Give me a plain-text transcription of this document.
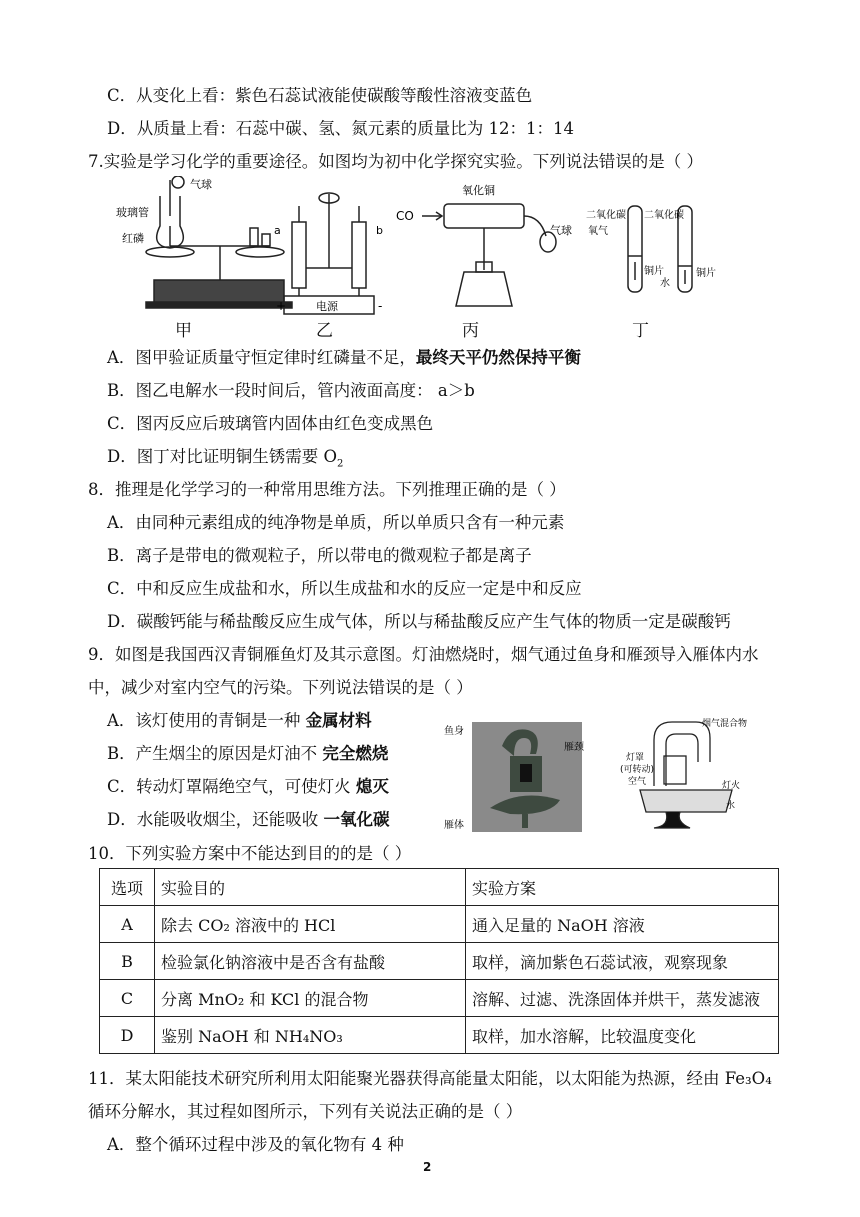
C．从变化上看：紫色石蕊试液能使碳酸等酸性溶液变蓝色
D．从质量上看：石蕊中碳、氢、氮元素的质量比为 12：1：14
7.实验是学习化学的重要途径。如图均为初中化学探究实验。下列说法错误的是（ ）
气球
玻璃管
红磷
电源
a	b
+	-
CO
氧化铜
气球
二氧化碳
氧气
二氧化碳
铜片	铜片
水
甲	乙	丙	丁
A．图甲验证质量守恒定律时红磷量不足，最终天平仍然保持平衡
B．图乙电解水一段时间后，管内液面高度： a＞b
C．图丙反应后玻璃管内固体由红色变成黑色
D．图丁对比证明铜生锈需要 $O_2$
8．推理是化学学习的一种常用思维方法。下列推理正确的是（ ）
A．由同种元素组成的纯净物是单质，所以单质只含有一种元素
B．离子是带电的微观粒子，所以带电的微观粒子都是离子
C．中和反应生成盐和水，所以生成盐和水的反应一定是中和反应
D．碳酸钙能与稀盐酸反应生成气体，所以与稀盐酸反应产生气体的物质一定是碳酸钙
9．如图是我国西汉青铜雁鱼灯及其示意图。灯油燃烧时，烟气通过鱼身和雁颈导入雁体内水
中，减少对室内空气的污染。下列说法错误的是（ ）
A．该灯使用的青铜是一种 金属材料
B．产生烟尘的原因是灯油不 完全燃烧
C．转动灯罩隔绝空气，可使灯火 熄灭
D．水能吸收烟尘，还能吸收 一氧化碳
鱼身
雁颈
雁体
烟气混合物
灯罩
(可转动)
空气	灯火
水
10．下列实验方案中不能达到目的的是（ ）
选项	实验目的	实验方案
A	除去 CO₂ 溶液中的 HCl	通入足量的 NaOH 溶液
B	检验氯化钠溶液中是否含有盐酸	取样，滴加紫色石蕊试液，观察现象
C	分离 MnO₂ 和 KCl 的混合物	溶解、过滤、洗涤固体并烘干，蒸发滤液
D	鉴别 NaOH 和 NH₄NO₃	取样，加水溶解，比较温度变化
11．某太阳能技术研究所利用太阳能聚光器获得高能量太阳能，以太阳能为热源，经由 Fe₃O₄
循环分解水，其过程如图所示，下列有关说法正确的是（ ）
A．整个循环过程中涉及的氧化物有 4 种
2
